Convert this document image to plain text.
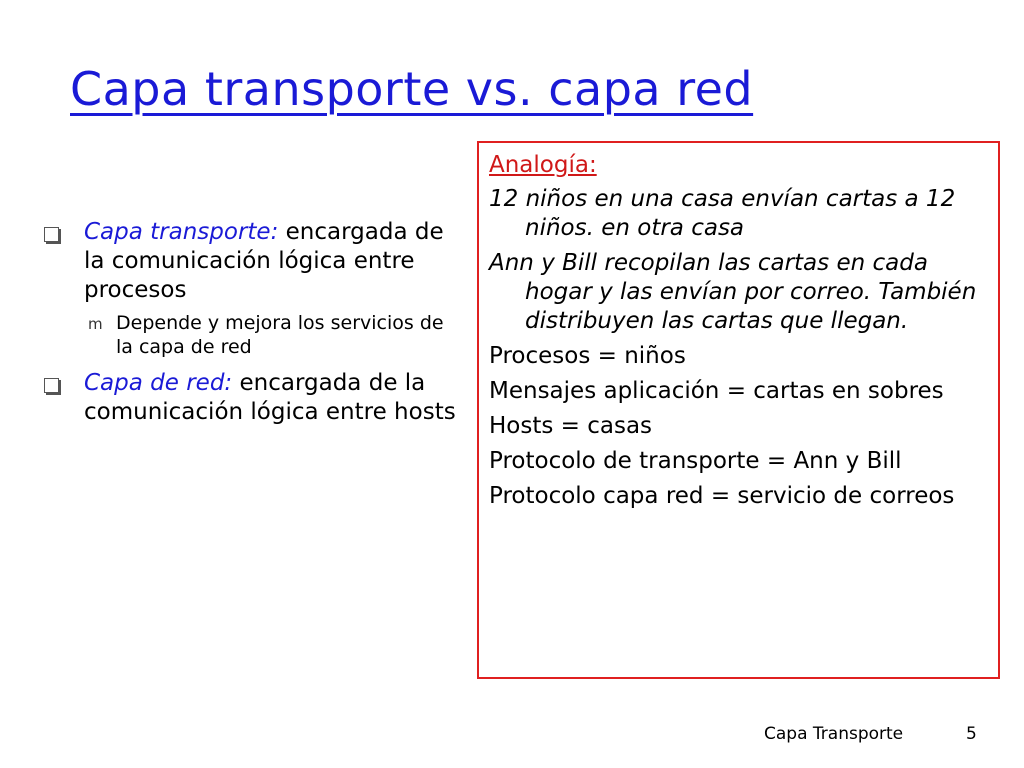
Capa transporte vs. capa red
Capa transporte: encargada de la comunicación lógica entre procesos
m Depende y mejora los servicios de la capa de red
Capa de red: encargada de la comunicación lógica entre hosts
Analogía:
12 niños en una casa envían cartas a 12 niños. en otra casa
Ann y Bill recopilan las cartas en cada hogar y las envían por correo. También distribuyen las cartas que llegan.
Procesos = niños
Mensajes aplicación = cartas en sobres
Hosts = casas
Protocolo de transporte = Ann y Bill
Protocolo capa red = servicio de correos
Capa Transporte	5
